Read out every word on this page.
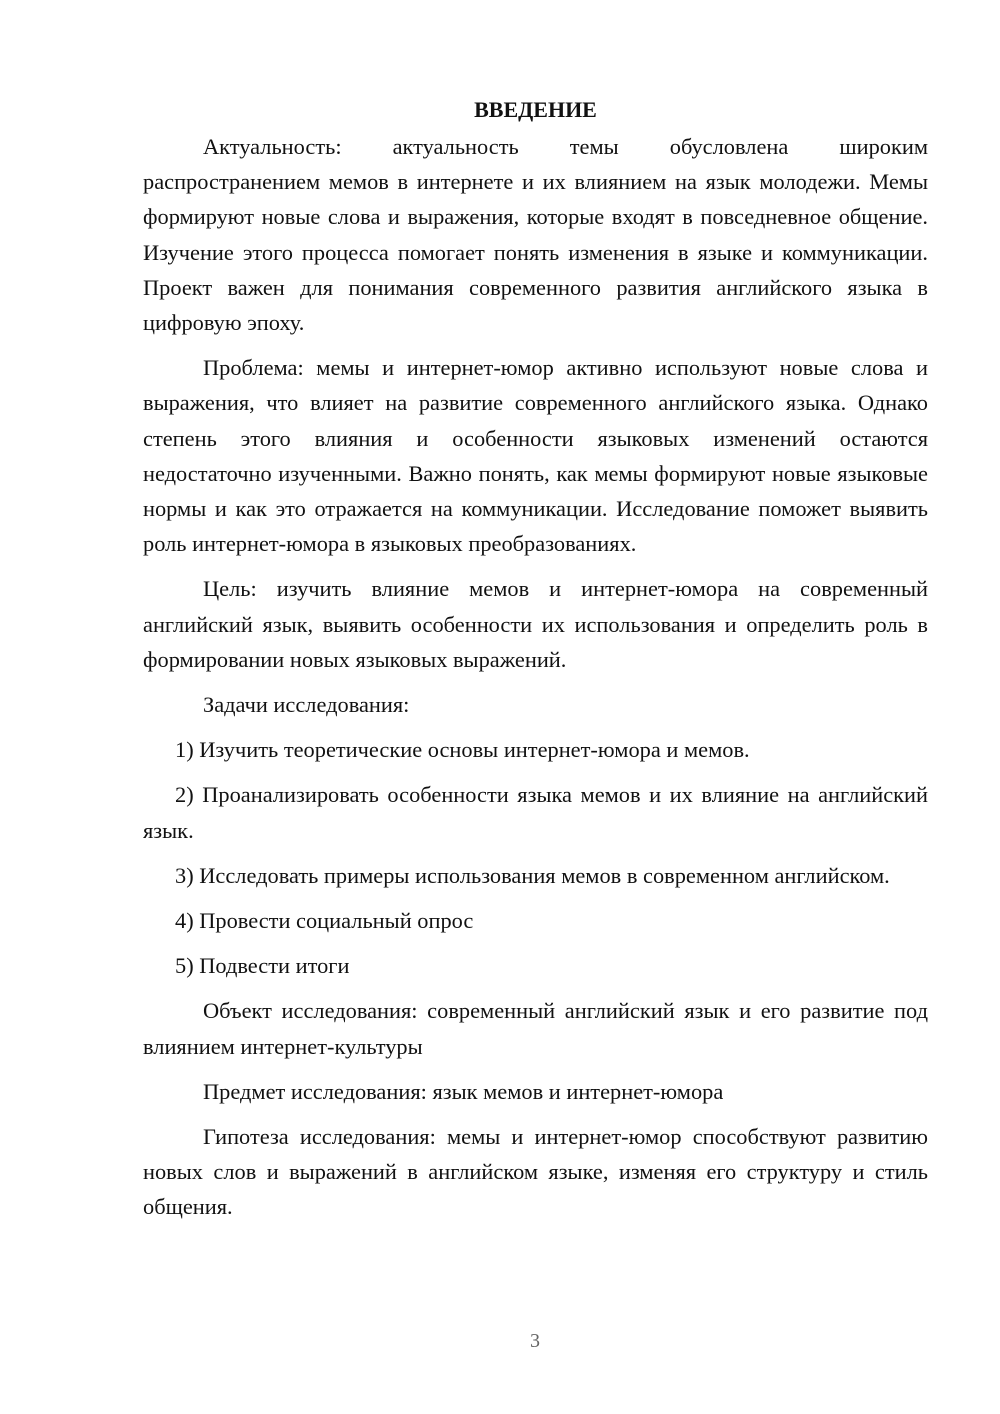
ВВЕДЕНИЕ

Актуальность: актуальность темы обусловлена широким распространением мемов в интернете и их влиянием на язык молодежи. Мемы формируют новые слова и выражения, которые входят в повседневное общение. Изучение этого процесса помогает понять изменения в языке и коммуникации. Проект важен для понимания современного развития английского языка в цифровую эпоху.

Проблема: мемы и интернет-юмор активно используют новые слова и выражения, что влияет на развитие современного английского языка. Однако степень этого влияния и особенности языковых изменений остаются недостаточно изученными. Важно понять, как мемы формируют новые языковые нормы и как это отражается на коммуникации. Исследование поможет выявить роль интернет-юмора в языковых преобразованиях.

Цель: изучить влияние мемов и интернет-юмора на современный английский язык, выявить особенности их использования и определить роль в формировании новых языковых выражений.

Задачи исследования:

1) Изучить теоретические основы интернет-юмора и мемов.

2) Проанализировать особенности языка мемов и их влияние на английский язык.

3) Исследовать примеры использования мемов в современном английском.

4) Провести социальный опрос

5) Подвести итоги

Объект исследования: современный английский язык и его развитие под влиянием интернет-культуры

Предмет исследования: язык мемов и интернет-юмора

Гипотеза исследования: мемы и интернет-юмор способствуют развитию новых слов и выражений в английском языке, изменяя его структуру и стиль общения.

3
